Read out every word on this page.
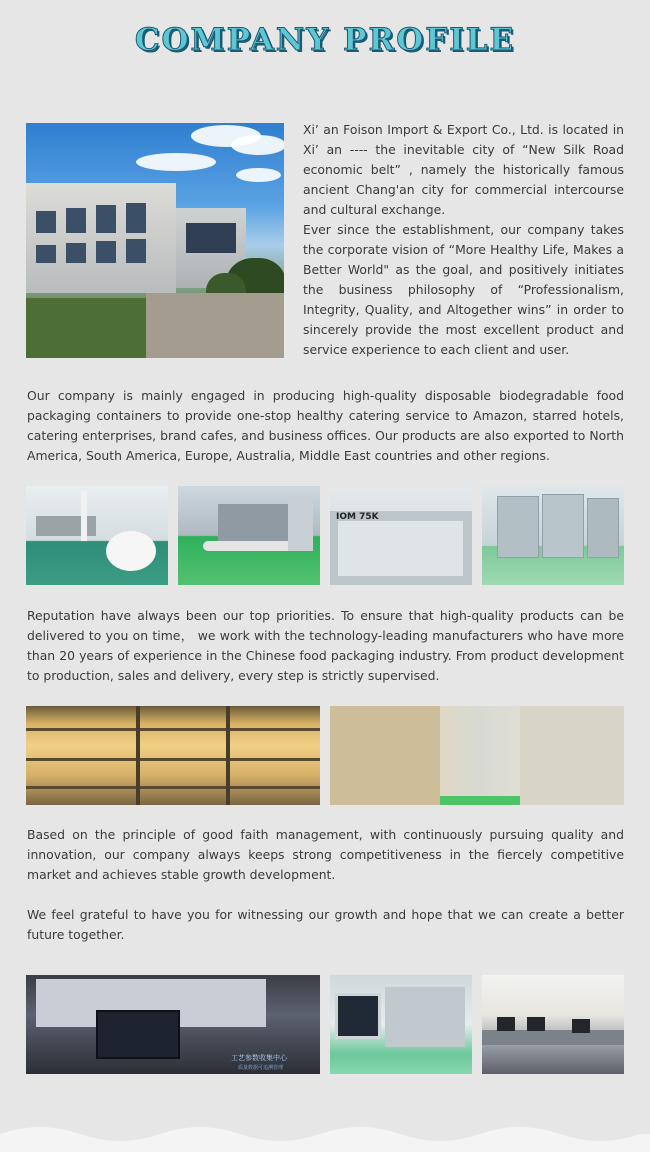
COMPANY PROFILE

Xi’ an Foison Import & Export Co., Ltd. is located in Xi’ an ---- the inevitable city of “New Silk Road economic belt” , namely the historically famous ancient Chang'an city for commercial intercourse and cultural exchange.

Ever since the establishment, our company takes the corporate vision of “More Healthy Life, Makes a Better World" as the goal, and positively initiates the business philosophy of “Professionalism, Integrity, Quality, and Altogether wins” in order to sincerely provide the most excellent product and service experience to each client and user.

Our company is mainly engaged in producing high-quality disposable biodegradable food packaging containers to provide one-stop healthy catering service to Amazon, starred hotels, catering enterprises, brand cafes, and business offices. Our products are also exported to North America, South America, Europe, Australia, Middle East countries and other regions.

IOM 75K

Reputation have always been our top priorities. To ensure that high-quality products can be delivered to you on time， we work with the technology-leading manufacturers who have more than 20 years of experience in the Chinese food packaging industry. From product development to production, sales and delivery, every step is strictly supervised.

Based on the principle of good faith management, with continuously pursuing quality and innovation, our company always keeps strong competitiveness in the fiercely competitive market and achieves stable growth development.

We feel grateful to have you for witnessing our growth and hope that we can create a better future together.

工艺参数收集中心
质量数据可追溯管理
